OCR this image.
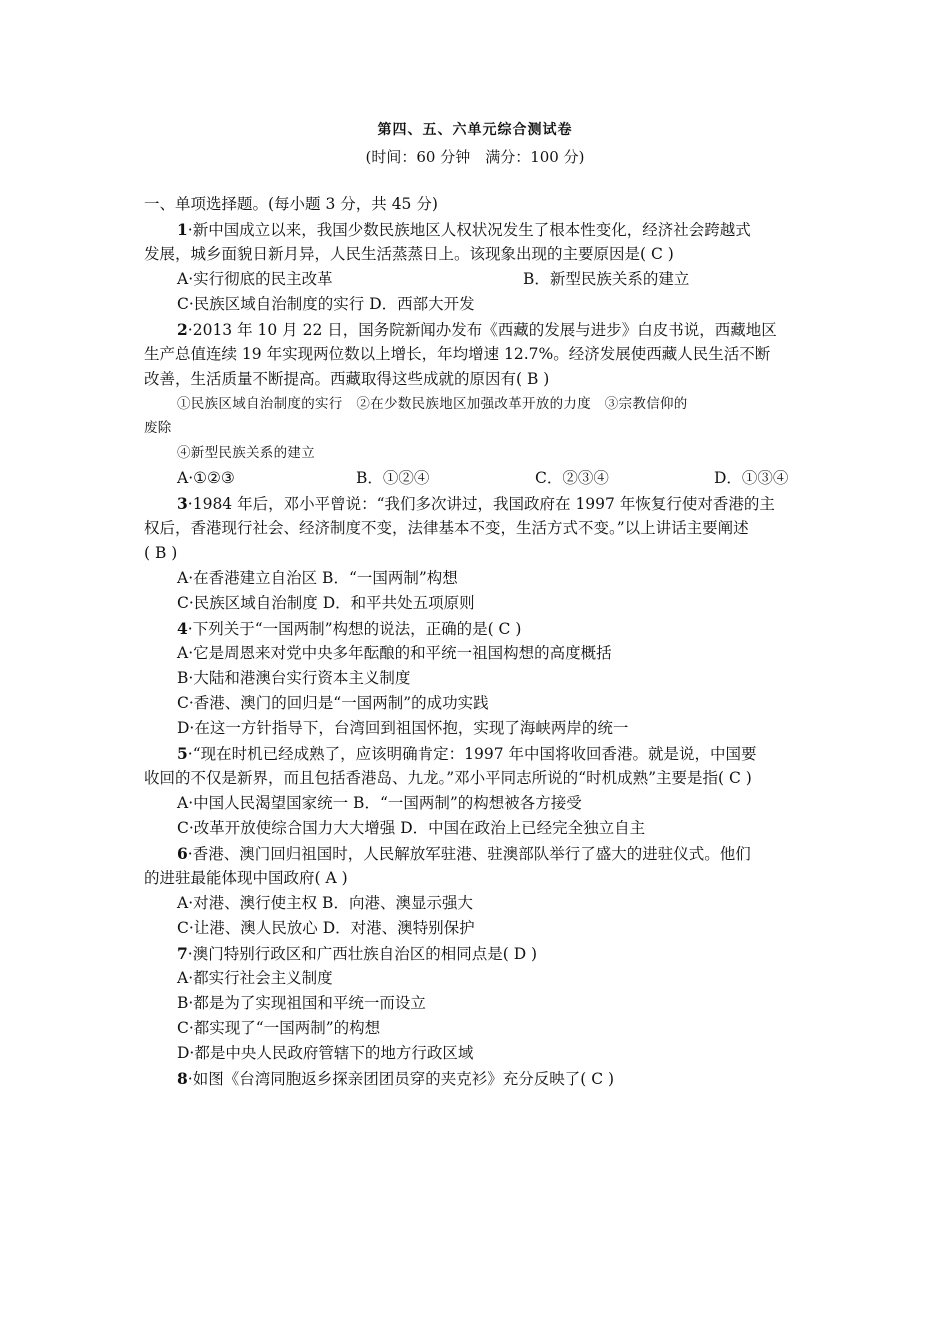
第四、五、六单元综合测试卷
(时间：60 分钟　满分：100 分)
一、单项选择题。(每小题 3 分，共 45 分)
1·新中国成立以来，我国少数民族地区人权状况发生了根本性变化，经济社会跨越式
发展，城乡面貌日新月异，人民生活蒸蒸日上。该现象出现的主要原因是( C )
A·实行彻底的民主改革	B．新型民族关系的建立
C·民族区域自治制度的实行 D．西部大开发
2·2013 年 10 月 22 日，国务院新闻办发布《西藏的发展与进步》白皮书说，西藏地区
生产总值连续 19 年实现两位数以上增长，年均增速 12.7%。经济发展使西藏人民生活不断
改善，生活质量不断提高。西藏取得这些成就的原因有( B )
①民族区域自治制度的实行　②在少数民族地区加强改革开放的力度　③宗教信仰的
废除
④新型民族关系的建立
A·①②③	B．①②④	C．②③④	D．①③④
3·1984 年后，邓小平曾说：“我们多次讲过，我国政府在 1997 年恢复行使对香港的主
权后，香港现行社会、经济制度不变，法律基本不变，生活方式不变。”以上讲话主要阐述
( B )
A·在香港建立自治区 B．“一国两制”构想
C·民族区域自治制度 D．和平共处五项原则
4·下列关于“一国两制”构想的说法，正确的是( C )
A·它是周恩来对党中央多年酝酿的和平统一祖国构想的高度概括
B·大陆和港澳台实行资本主义制度
C·香港、澳门的回归是“一国两制”的成功实践
D·在这一方针指导下，台湾回到祖国怀抱，实现了海峡两岸的统一
5·“现在时机已经成熟了，应该明确肯定：1997 年中国将收回香港。就是说，中国要
收回的不仅是新界，而且包括香港岛、九龙。”邓小平同志所说的“时机成熟”主要是指( C )
A·中国人民渴望国家统一 B．“一国两制”的构想被各方接受
C·改革开放使综合国力大大增强 D．中国在政治上已经完全独立自主
6·香港、澳门回归祖国时，人民解放军驻港、驻澳部队举行了盛大的进驻仪式。他们
的进驻最能体现中国政府( A )
A·对港、澳行使主权 B．向港、澳显示强大
C·让港、澳人民放心 D．对港、澳特别保护
7·澳门特别行政区和广西壮族自治区的相同点是( D )
A·都实行社会主义制度
B·都是为了实现祖国和平统一而设立
C·都实现了“一国两制”的构想
D·都是中央人民政府管辖下的地方行政区域
8·如图《台湾同胞返乡探亲团团员穿的夹克衫》充分反映了( C )
